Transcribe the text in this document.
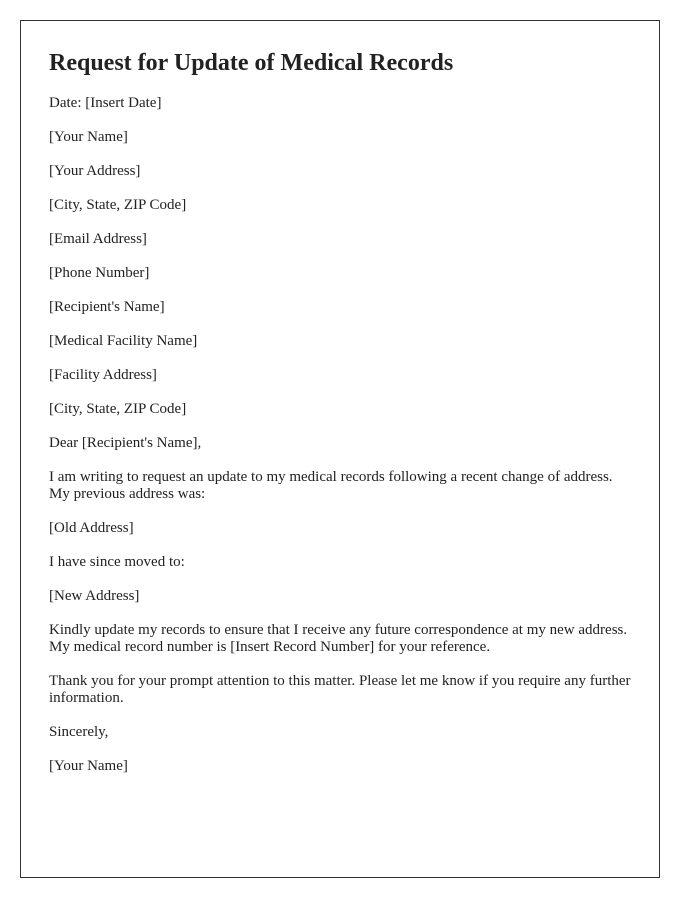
Request for Update of Medical Records

Date: [Insert Date]

[Your Name]

[Your Address]

[City, State, ZIP Code]

[Email Address]

[Phone Number]

[Recipient's Name]

[Medical Facility Name]

[Facility Address]

[City, State, ZIP Code]

Dear [Recipient's Name],

I am writing to request an update to my medical records following a recent change of address. My previous address was:

[Old Address]

I have since moved to:

[New Address]

Kindly update my records to ensure that I receive any future correspondence at my new address. My medical record number is [Insert Record Number] for your reference.

Thank you for your prompt attention to this matter. Please let me know if you require any further information.

Sincerely,

[Your Name]
